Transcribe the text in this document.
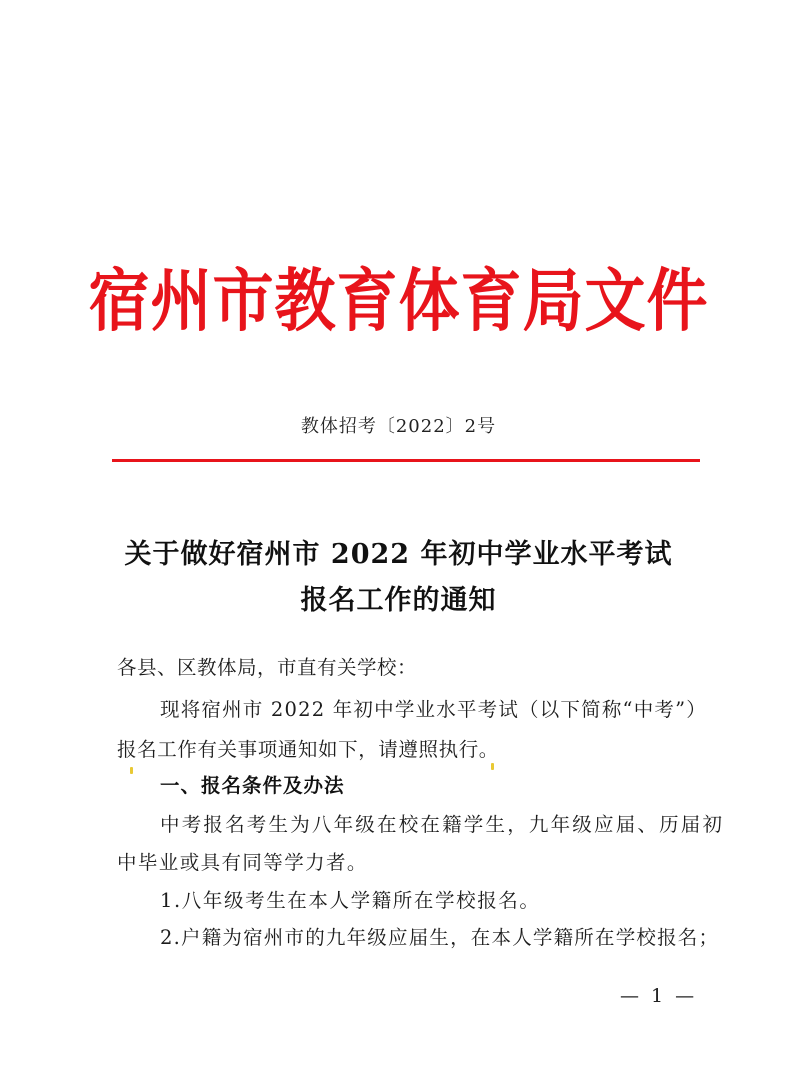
宿州市教育体育局文件
教体招考〔2022〕2号
关于做好宿州市 2022 年初中学业水平考试
报名工作的通知
各县、区教体局，市直有关学校：
现将宿州市 2022 年初中学业水平考试（以下简称“中考”）
报名工作有关事项通知如下，请遵照执行。
一、报名条件及办法
中考报名考生为八年级在校在籍学生，九年级应届、历届初
中毕业或具有同等学力者。
1.八年级考生在本人学籍所在学校报名。
2.户籍为宿州市的九年级应届生，在本人学籍所在学校报名；
— 1 —
